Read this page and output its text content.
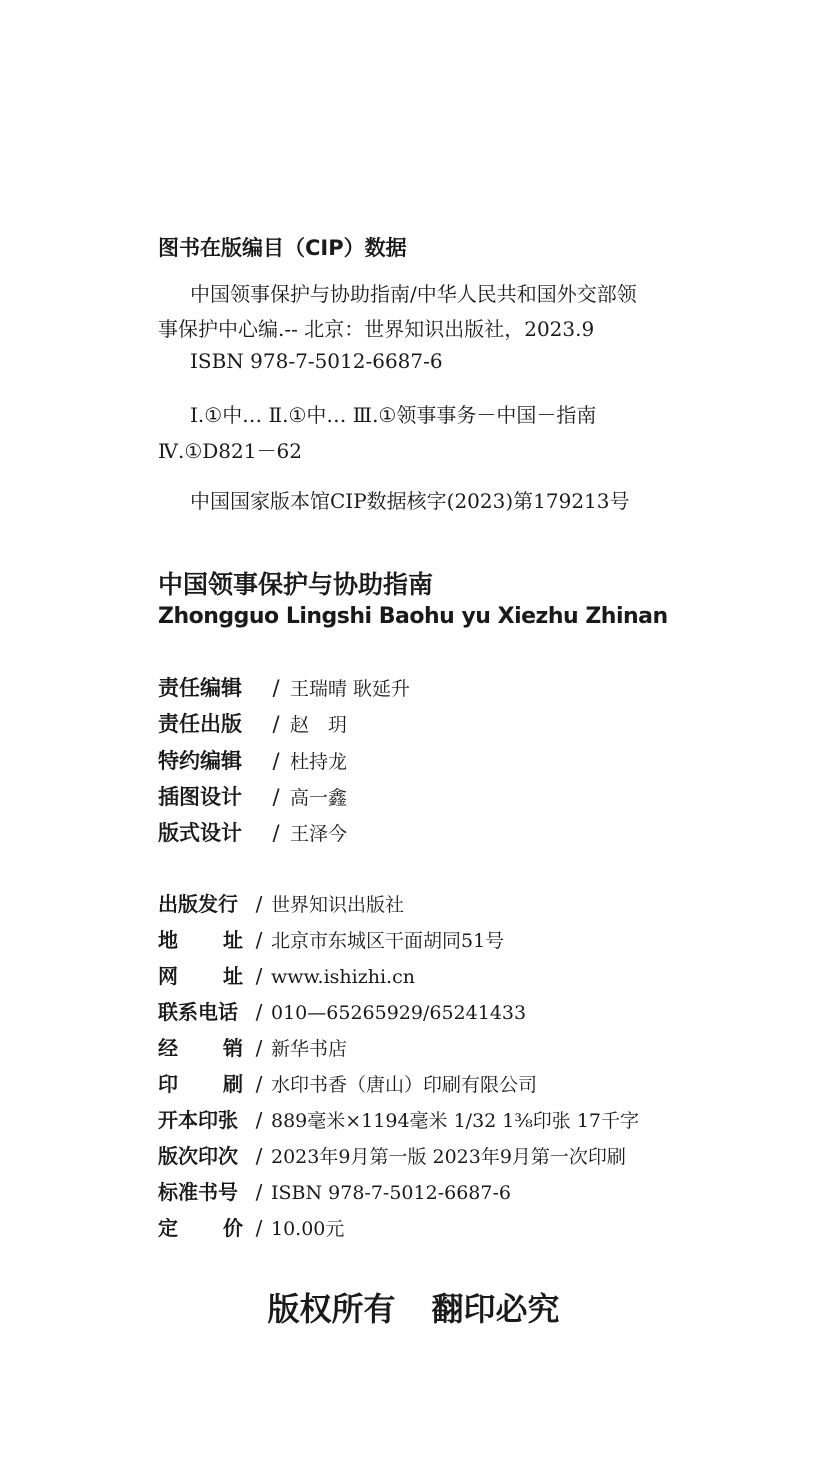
图书在版编目（CIP）数据
中国领事保护与协助指南/中华人民共和国外交部领
事保护中心编.-- 北京：世界知识出版社，2023.9
ISBN 978-7-5012-6687-6
Ⅰ.①中… Ⅱ.①中… Ⅲ.①领事事务－中国－指南
Ⅳ.①D821－62
中国国家版本馆CIP数据核字(2023)第179213号
中国领事保护与协助指南
Zhongguo Lingshi Baohu yu Xiezhu Zhinan
责任编辑 / 王瑞晴 耿延升
责任出版 / 赵　玥
特约编辑 / 杜持龙
插图设计 / 高一鑫
版式设计 / 王泽今
出版发行 / 世界知识出版社
地址 / 北京市东城区干面胡同51号
网址 / www.ishizhi.cn
联系电话 / 010—65265929/65241433
经销 / 新华书店
印刷 / 水印书香（唐山）印刷有限公司
开本印张 / 889毫米×1194毫米 1/32 1⅜印张 17千字
版次印次 / 2023年9月第一版 2023年9月第一次印刷
标准书号 / ISBN 978-7-5012-6687-6
定价 / 10.00元
版权所有 翻印必究
